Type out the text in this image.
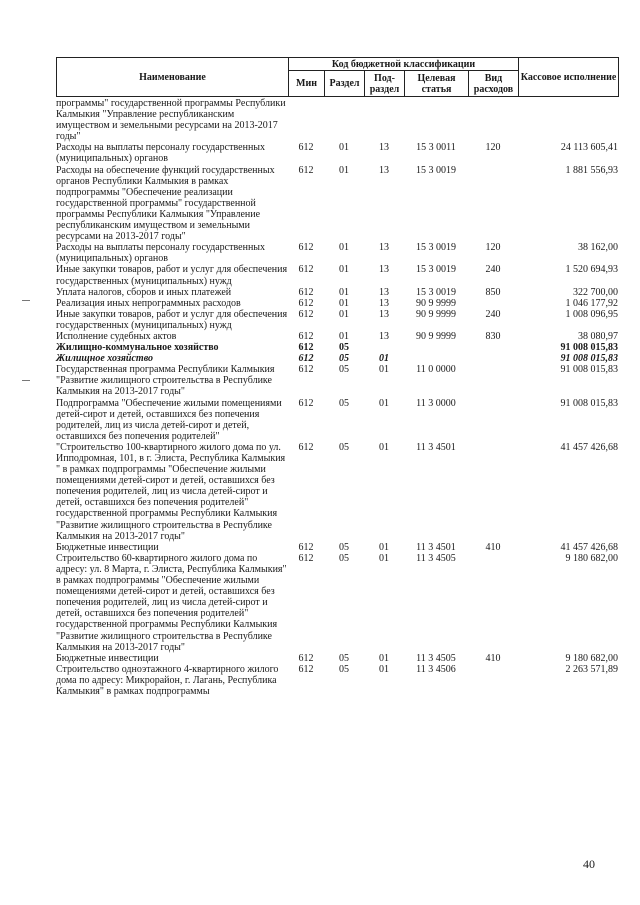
Наименование	Код бюджетной классификации					Кассовое исполнение
	Мин	Раздел	Под-раздел	Целевая статья	Вид расходов	
программы" государственной программы Республики Калмыкия "Управление республиканским имуществом и земельными ресурсами на 2013-2017 годы"						
Расходы на выплаты персоналу государственных (муниципальных) органов	612	01	13	15 3 0011	120	24 113 605,41
Расходы на обеспечение функций государственных органов Республики Калмыкия в рамках подпрограммы "Обеспечение реализации государственной программы" государственной программы Республики Калмыкия "Управление республиканским имуществом и земельными ресурсами на 2013-2017 годы"	612	01	13	15 3 0019		1 881 556,93
Расходы на выплаты персоналу государственных (муниципальных) органов	612	01	13	15 3 0019	120	38 162,00
Иные закупки товаров, работ и услуг для обеспечения государственных (муниципальных) нужд	612	01	13	15 3 0019	240	1 520 694,93
Уплата налогов, сборов и иных платежей	612	01	13	15 3 0019	850	322 700,00
Реализация иных непрограммных расходов	612	01	13	90 9 9999		1 046 177,92
Иные закупки товаров, работ и услуг для обеспечения государственных (муниципальных) нужд	612	01	13	90 9 9999	240	1 008 096,95
Исполнение судебных актов	612	01	13	90 9 9999	830	38 080,97
Жилищно-коммунальное хозяйство	612	05				91 008 015,83
Жилищное хозяйство	612	05	01			91 008 015,83
Государственная программа Республики Калмыкия "Развитие жилищного строительства в Республике Калмыкия на 2013-2017 годы"	612	05	01	11 0 0000		91 008 015,83
Подпрограмма "Обеспечение жилыми помещениями детей-сирот и детей, оставшихся без попечения родителей, лиц из числа детей-сирот и детей, оставшихся без попечения родителей"	612	05	01	11 3 0000		91 008 015,83
"Строительство 100-квартирного жилого дома по ул. Ипподромная, 101, в г. Элиста, Республика Калмыкия " в рамках подпрограммы "Обеспечение жилыми помещениями детей-сирот и детей, оставшихся без попечения родителей, лиц из числа детей-сирот и детей, оставшихся без попечения родителей" государственной программы Республики Калмыкия "Развитие жилищного строительства в Республике Калмыкия на 2013-2017 годы"	612	05	01	11 3 4501		41 457 426,68
Бюджетные инвестиции	612	05	01	11 3 4501	410	41 457 426,68
Строительство 60-квартирного жилого дома по адресу: ул. 8 Марта, г. Элиста, Республика Калмыкия" в рамках подпрограммы "Обеспечение жилыми помещениями детей-сирот и детей, оставшихся без попечения родителей, лиц из числа детей-сирот и детей, оставшихся без попечения родителей" государственной программы Республики Калмыкия "Развитие жилищного строительства в Республике Калмыкия на 2013-2017 годы"	612	05	01	11 3 4505		9 180 682,00
Бюджетные инвестиции	612	05	01	11 3 4505	410	9 180 682,00
Строительство одноэтажного 4-квартирного жилого дома по адресу: Микрорайон, г. Лагань, Республика Калмыкия" в рамках подпрограммы	612	05	01	11 3 4506		2 263 571,89
40
